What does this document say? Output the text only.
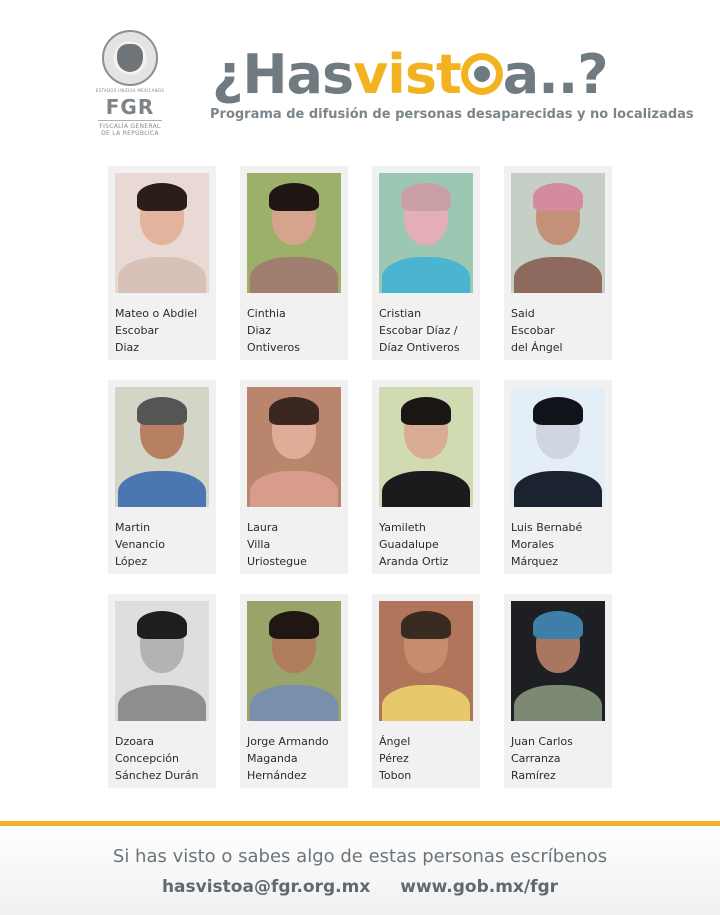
ESTADOS UNIDOS MEXICANOS
FGR
FISCALÍA GENERAL
DE LA REPÚBLICA
¿Hasvist a..?
Programa de difusión de personas desaparecidas y no localizadas
Mateo o Abdiel
Escobar
Diaz
Cinthia
Diaz
Ontiveros
Cristian
Escobar Díaz /
Díaz Ontiveros
Said
Escobar
del Ángel
Martin
Venancio
López
Laura
Villa
Uriostegue
Yamileth
Guadalupe
Aranda Ortiz
Luis Bernabé
Morales
Márquez
Dzoara
Concepción
Sánchez Durán
Jorge Armando
Maganda
Hernández
Ángel
Pérez
Tobon
Juan Carlos
Carranza
Ramírez
Si has visto o sabes algo de estas personas escríbenos
hasvistoa@fgr.org.mx www.gob.mx/fgr
